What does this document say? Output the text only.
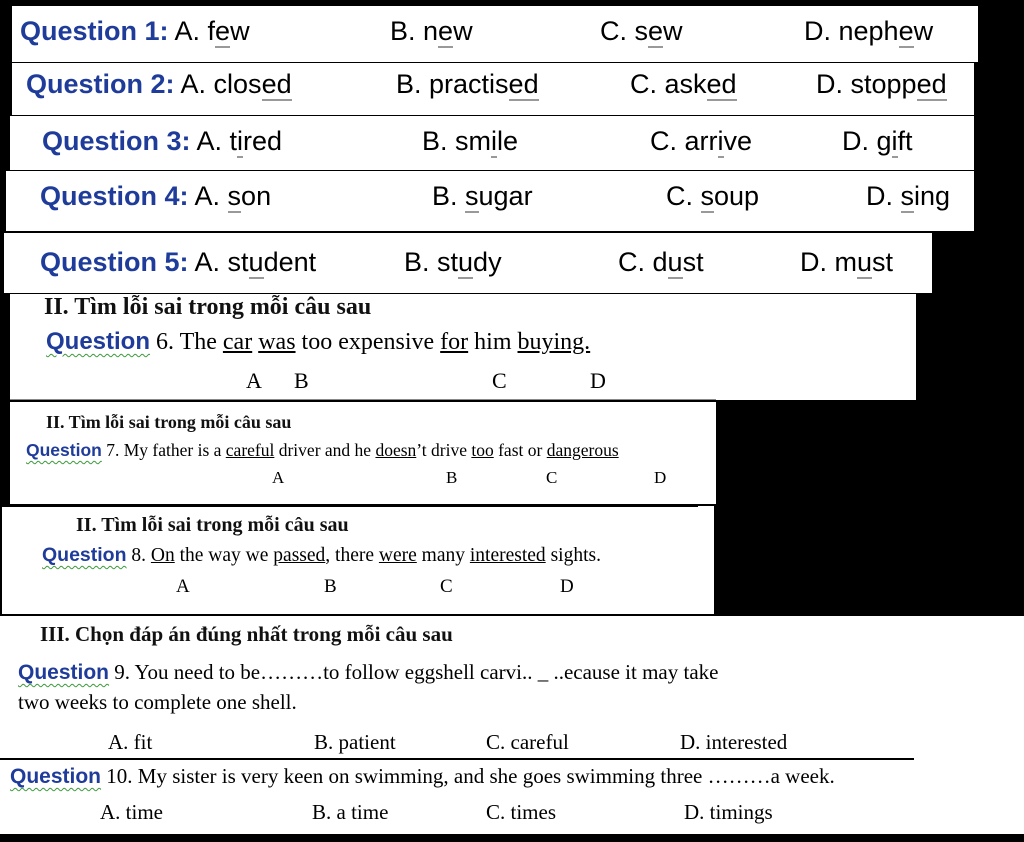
Question 1: A. few	B. new	C. sew	D. nephew
Question 2: A. closed	B. practised	C. asked	D. stopped
Question 3: A. tired	B. smile	C. arrive	D. gift
Question 4: A. son	B. sugar	C. soup	D. sing
Question 5: A. student	B. study	C. dust	D. must
II. Tìm lỗi sai trong mỗi câu sau
Question 6. The car was too expensive for him buying.
A B	C	D
II. Tìm lỗi sai trong mỗi câu sau
Question 7. My father is a careful driver and he doesn’t drive too fast or dangerous
A	B	C	D
II. Tìm lỗi sai trong mỗi câu sau
Question 8. On the way we passed, there were many interested sights.
A	B	C	D
III. Chọn đáp án đúng nhất trong mỗi câu sau
Question 9. You need to be………to follow eggshell carvi.. _ ..ecause it may take
two weeks to complete one shell.
A. fit	B. patient	C. careful	D. interested
Question 10. My sister is very keen on swimming, and she goes swimming three ………a week.
A. time	B. a time	C. times	D. timings
